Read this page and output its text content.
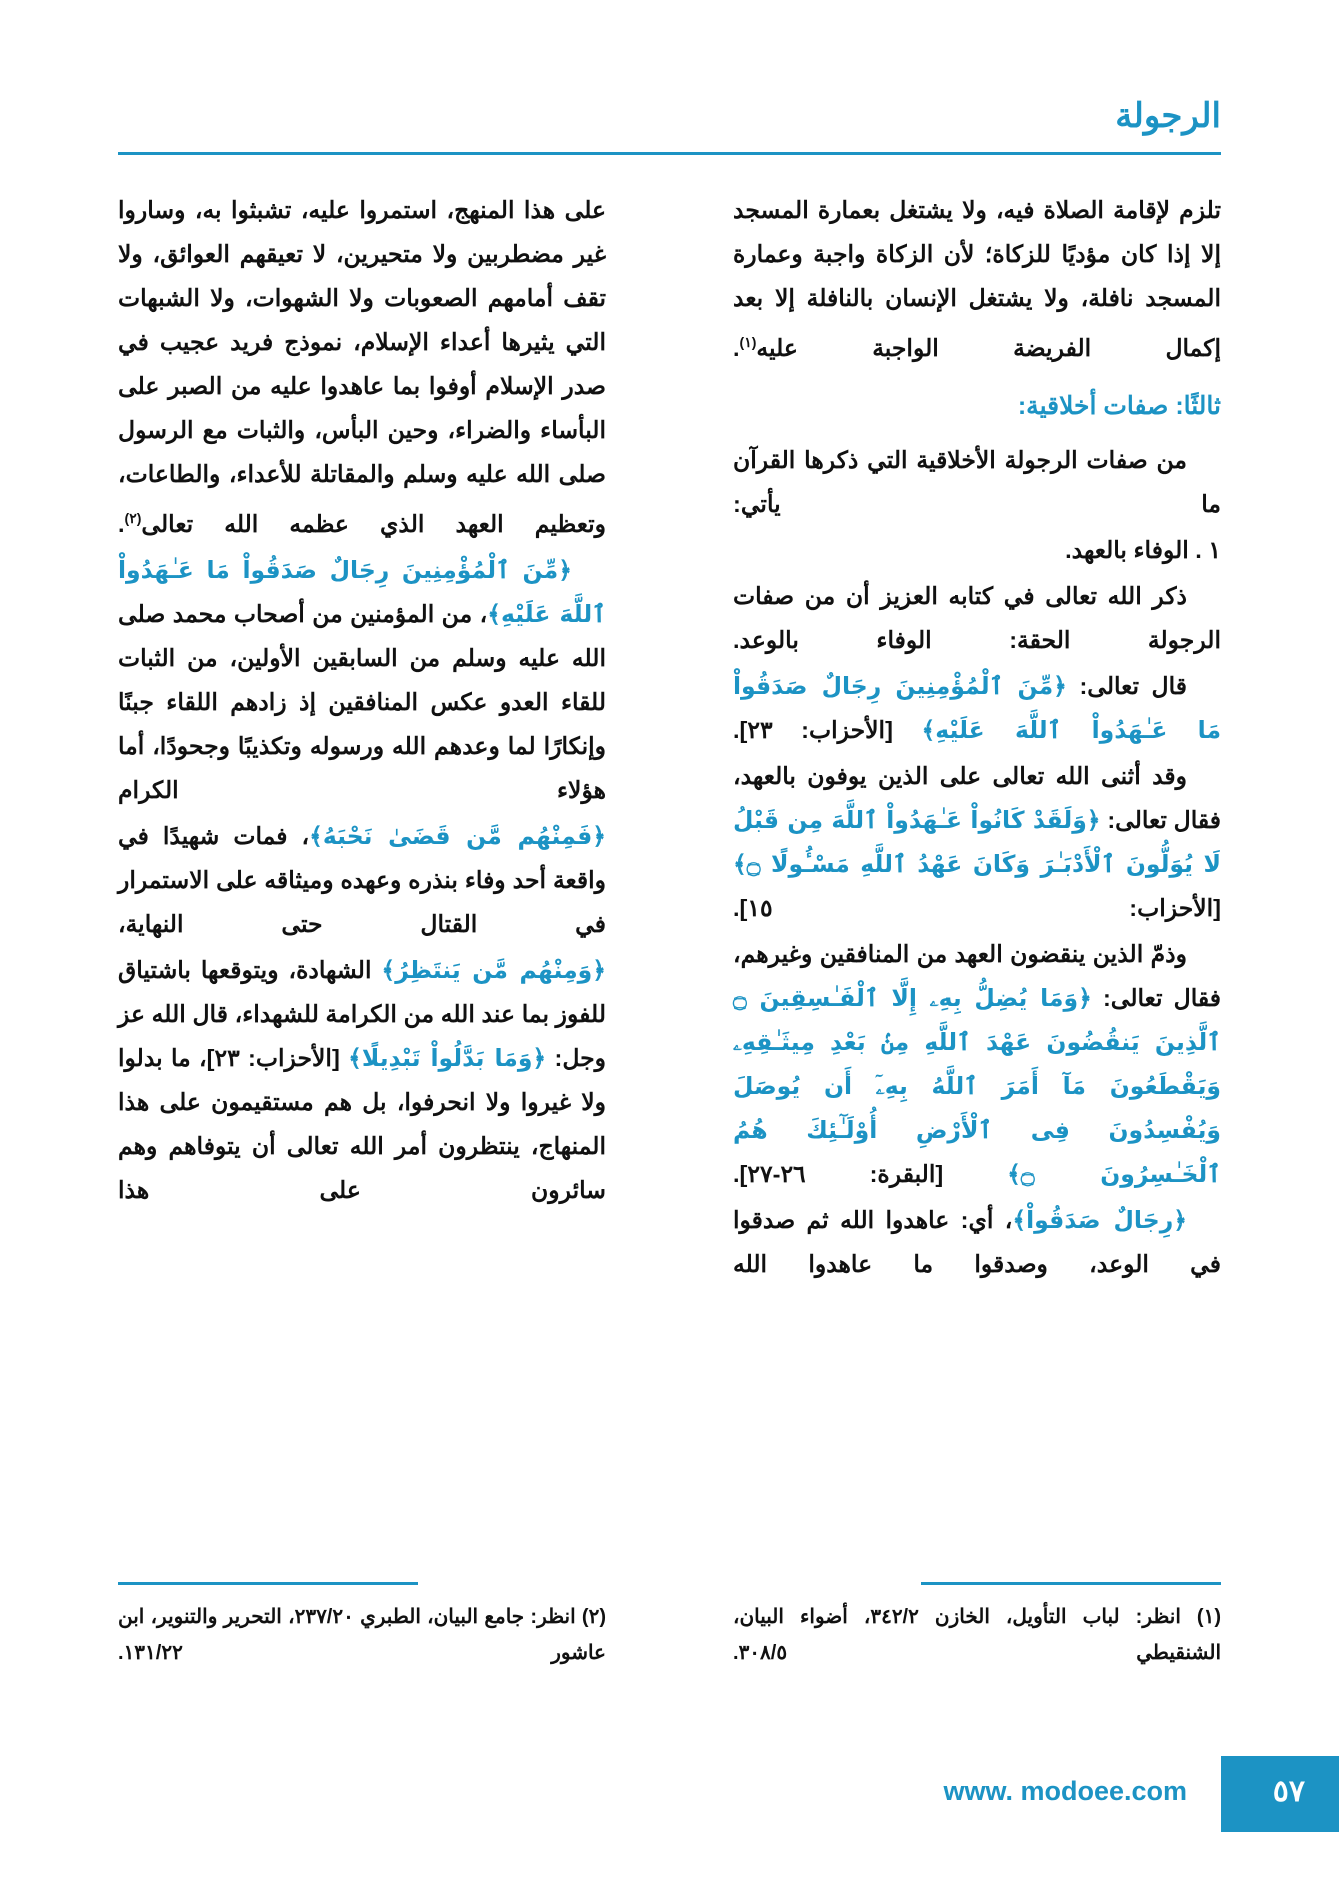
الرجولة

تلزم لإقامة الصلاة فيه، ولا يشتغل بعمارة المسجد إلا إذا كان مؤديًا للزكاة؛ لأن الزكاة واجبة وعمارة المسجد نافلة، ولا يشتغل الإنسان بالنافلة إلا بعد إكمال الفريضة الواجبة عليه$^{(١)}$.

ثالثًا: صفات أخلاقية:

من صفات الرجولة الأخلاقية التي ذكرها القرآن ما يأتي:

١ . الوفاء بالعهد.

ذكر الله تعالى في كتابه العزيز أن من صفات الرجولة الحقة: الوفاء بالوعد.

قال تعالى: ﴿مِّنَ ٱلْمُؤْمِنِينَ رِجَالٌ صَدَقُواْ مَا عَـٰهَدُواْ ٱللَّهَ عَلَيْهِ﴾ [الأحزاب: ٢٣].

وقد أثنى الله تعالى على الذين يوفون بالعهد، فقال تعالى: ﴿وَلَقَدْ كَانُواْ عَـٰهَدُواْ ٱللَّهَ مِن قَبْلُ لَا يُوَلُّونَ ٱلْأَدْبَـٰرَ وَكَانَ عَهْدُ ٱللَّهِ مَسْـُٔولًا ۝﴾ [الأحزاب: ١٥].

وذمّ الذين ينقضون العهد من المنافقين وغيرهم، فقال تعالى: ﴿وَمَا يُضِلُّ بِهِۦ إِلَّا ٱلْفَـٰسِقِينَ ۝ ٱلَّذِينَ يَنقُضُونَ عَهْدَ ٱللَّهِ مِنۢ بَعْدِ مِيثَـٰقِهِۦ وَيَقْطَعُونَ مَآ أَمَرَ ٱللَّهُ بِهِۦٓ أَن يُوصَلَ وَيُفْسِدُونَ فِى ٱلْأَرْضِ أُوْلَـٰٓئِكَ هُمُ ٱلْخَـٰسِرُونَ ۝﴾ [البقرة: ٢٦-٢٧].

﴿رِجَالٌ صَدَقُواْ﴾، أي: عاهدوا الله ثم صدقوا في الوعد، وصدقوا ما عاهدوا الله

على هذا المنهج، استمروا عليه، تشبثوا به، وساروا غير مضطربين ولا متحيرين، لا تعيقهم العوائق، ولا تقف أمامهم الصعوبات ولا الشهوات، ولا الشبهات التي يثيرها أعداء الإسلام، نموذج فريد عجيب في صدر الإسلام أوفوا بما عاهدوا عليه من الصبر على البأساء والضراء، وحين البأس، والثبات مع الرسول صلى الله عليه وسلم والمقاتلة للأعداء، والطاعات، وتعظيم العهد الذي عظمه الله تعالى$^{(٢)}$.

﴿مِّنَ ٱلْمُؤْمِنِينَ رِجَالٌ صَدَقُواْ مَا عَـٰهَدُواْ ٱللَّهَ عَلَيْهِ﴾، من المؤمنين من أصحاب محمد صلى الله عليه وسلم من السابقين الأولين، من الثبات للقاء العدو عكس المنافقين إذ زادهم اللقاء جبنًا وإنكارًا لما وعدهم الله ورسوله وتكذيبًا وجحودًا، أما هؤلاء الكرام

﴿فَمِنْهُم مَّن قَضَىٰ نَحْبَهُ﴾، فمات شهيدًا في واقعة أحد وفاء بنذره وعهده وميثاقه على الاستمرار في القتال حتى النهاية،

﴿وَمِنْهُم مَّن يَنتَظِرُ﴾ الشهادة، ويتوقعها باشتياق للفوز بما عند الله من الكرامة للشهداء، قال الله عز وجل: ﴿وَمَا بَدَّلُواْ تَبْدِيلًا﴾ [الأحزاب: ٢٣]، ما بدلوا ولا غيروا ولا انحرفوا، بل هم مستقيمون على هذا المنهاج، ينتظرون أمر الله تعالى أن يتوفاهم وهم سائرون على هذا

(١) انظر: لباب التأويل، الخازن ٣٤٢/٢، أضواء البيان، الشنقيطي ٣٠٨/٥.

(٢) انظر: جامع البيان، الطبري ٢٣٧/٢٠، التحرير والتنوير، ابن عاشور ١٣١/٢٢.

٥٧
www. modoee.com
